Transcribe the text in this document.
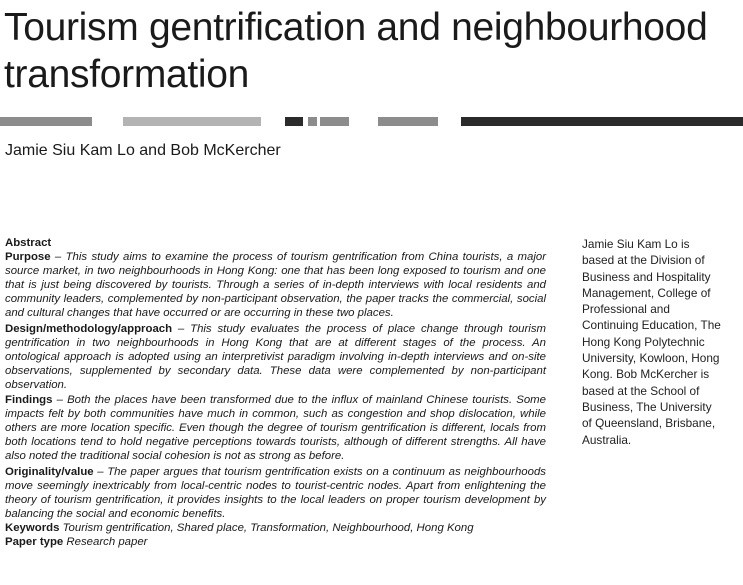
Tourism gentrification and neighbourhood
transformation

Jamie Siu Kam Lo and Bob McKercher

Abstract

Purpose – This study aims to examine the process of tourism gentrification from China tourists, a major source market, in two neighbourhoods in Hong Kong: one that has been long exposed to tourism and one that is just being discovered by tourists. Through a series of in-depth interviews with local residents and community leaders, complemented by non-participant observation, the paper tracks the commercial, social and cultural changes that have occurred or are occurring in these two places.

Design/methodology/approach – This study evaluates the process of place change through tourism gentrification in two neighbourhoods in Hong Kong that are at different stages of the process. An ontological approach is adopted using an interpretivist paradigm involving in-depth interviews and on-site observations, supplemented by secondary data. These data were complemented by non-participant observation.

Findings – Both the places have been transformed due to the influx of mainland Chinese tourists. Some impacts felt by both communities have much in common, such as congestion and shop dislocation, while others are more location specific. Even though the degree of tourism gentrification is different, locals from both locations tend to hold negative perceptions towards tourists, although of different strengths. All have also noted the traditional social cohesion is not as strong as before.

Originality/value – The paper argues that tourism gentrification exists on a continuum as neighbourhoods move seemingly inextricably from local-centric nodes to tourist-centric nodes. Apart from enlightening the theory of tourism gentrification, it provides insights to the local leaders on proper tourism development by balancing the social and economic benefits.

Keywords Tourism gentrification, Shared place, Transformation, Neighbourhood, Hong Kong

Paper type Research paper

Jamie Siu Kam Lo is based at the Division of Business and Hospitality Management, College of Professional and Continuing Education, The Hong Kong Polytechnic University, Kowloon, Hong Kong. Bob McKercher is based at the School of Business, The University of Queensland, Brisbane, Australia.
